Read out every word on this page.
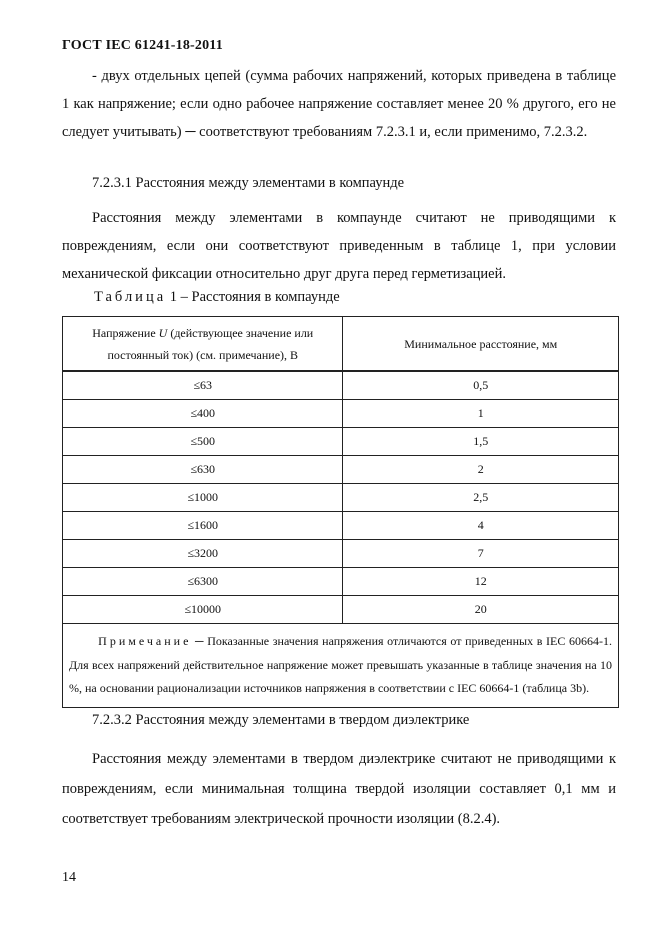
ГОСТ IEC 61241-18-2011
- двух отдельных цепей (сумма рабочих напряжений, которых приведена в таблице 1 как напряжение; если одно рабочее напряжение составляет менее 20 % другого, его не следует учитывать) ─ соответствуют требованиям 7.2.3.1 и, если применимо, 7.2.3.2.
7.2.3.1 Расстояния между элементами в компаунде
Расстояния между элементами в компаунде считают не приводящими к повреждениям, если они соответствуют приведенным в таблице 1, при условии механической фиксации относительно друг друга перед герметизацией.
Таблица 1 – Расстояния в компаунде
Напряжение U (действующее значение или постоянный ток) (см. примечание), В	Минимальное расстояние, мм
≤63	0,5
≤400	1
≤500	1,5
≤630	2
≤1000	2,5
≤1600	4
≤3200	7
≤6300	12
≤10000	20
Примечание ─ Показанные значения напряжения отличаются от приведенных в IEC 60664-1. Для всех напряжений действительное напряжение может превышать указанные в таблице значения на 10 %, на основании рационализации источников напряжения в соответствии с IEC 60664-1 (таблица 3b).	
7.2.3.2 Расстояния между элементами в твердом диэлектрике
Расстояния между элементами в твердом диэлектрике считают не приводящими к повреждениям, если минимальная толщина твердой изоляции составляет 0,1 мм и соответствует требованиям электрической прочности изоляции (8.2.4).
14
